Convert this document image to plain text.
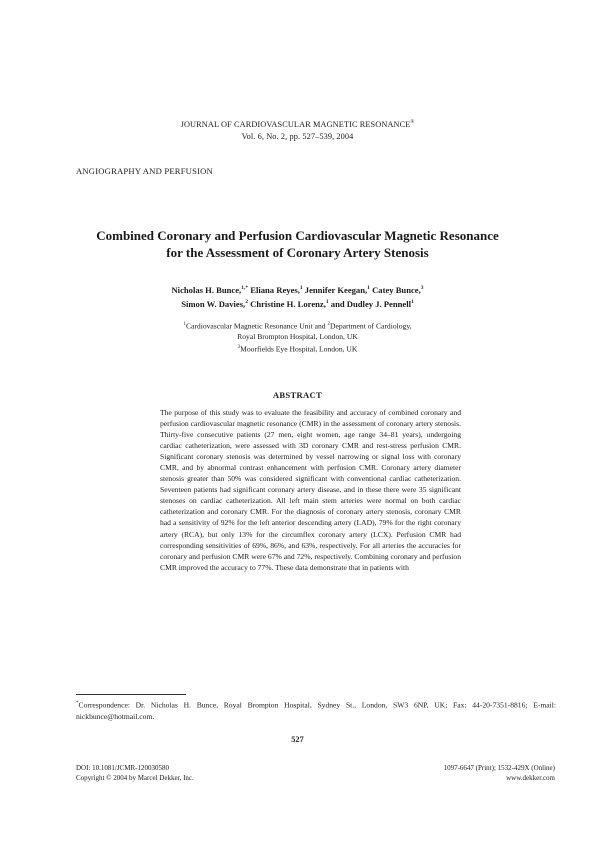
JOURNAL OF CARDIOVASCULAR MAGNETIC RESONANCE®
Vol. 6, No. 2, pp. 527–539, 2004
ANGIOGRAPHY AND PERFUSION
Combined Coronary and Perfusion Cardiovascular Magnetic Resonance
for the Assessment of Coronary Artery Stenosis
Nicholas H. Bunce,$^{1,*}$ Eliana Reyes,$^1$ Jennifer Keegan,$^1$ Catey Bunce,$^3$
Simon W. Davies,$^2$ Christine H. Lorenz,$^1$ and Dudley J. Pennell$^1$
$^1$Cardiovascular Magnetic Resonance Unit and $^2$Department of Cardiology,
Royal Brompton Hospital, London, UK
$^3$Moorfields Eye Hospital, London, UK
ABSTRACT
The purpose of this study was to evaluate the feasibility and accuracy of combined coronary and perfusion cardiovascular magnetic resonance (CMR) in the assessment of coronary artery stenosis. Thirty-five consecutive patients (27 men, eight women, age range 34–81 years), undergoing cardiac catheterization, were assessed with 3D coronary CMR and rest-stress perfusion CMR. Significant coronary stenosis was determined by vessel narrowing or signal loss with coronary CMR, and by abnormal contrast enhancement with perfusion CMR. Coronary artery diameter stenosis greater than 50% was considered significant with conventional cardiac catheterization. Seventeen patients had significant coronary artery disease, and in these there were 35 significant stenoses on cardiac catheterization. All left main stem arteries were normal on both cardiac catheterization and coronary CMR. For the diagnosis of coronary artery stenosis, coronary CMR had a sensitivity of 92% for the left anterior descending artery (LAD), 79% for the right coronary artery (RCA), but only 13% for the circumflex coronary artery (LCX). Perfusion CMR had corresponding sensitivities of 69%, 86%, and 63%, respectively. For all arteries the accuracies for coronary and perfusion CMR were 67% and 72%, respectively. Combining coronary and perfusion CMR improved the accuracy to 77%. These data demonstrate that in patients with
*Correspondence: Dr. Nicholas H. Bunce, Royal Brompton Hospital, Sydney St., London, SW3 6NP, UK; Fax: 44-20-7351-8816; E-mail: nickbunce@hotmail.com.
527
DOI: 10.1081/JCMR-120030580
Copyright © 2004 by Marcel Dekker, Inc.
1097-6647 (Print); 1532-429X (Online)
www.dekker.com
